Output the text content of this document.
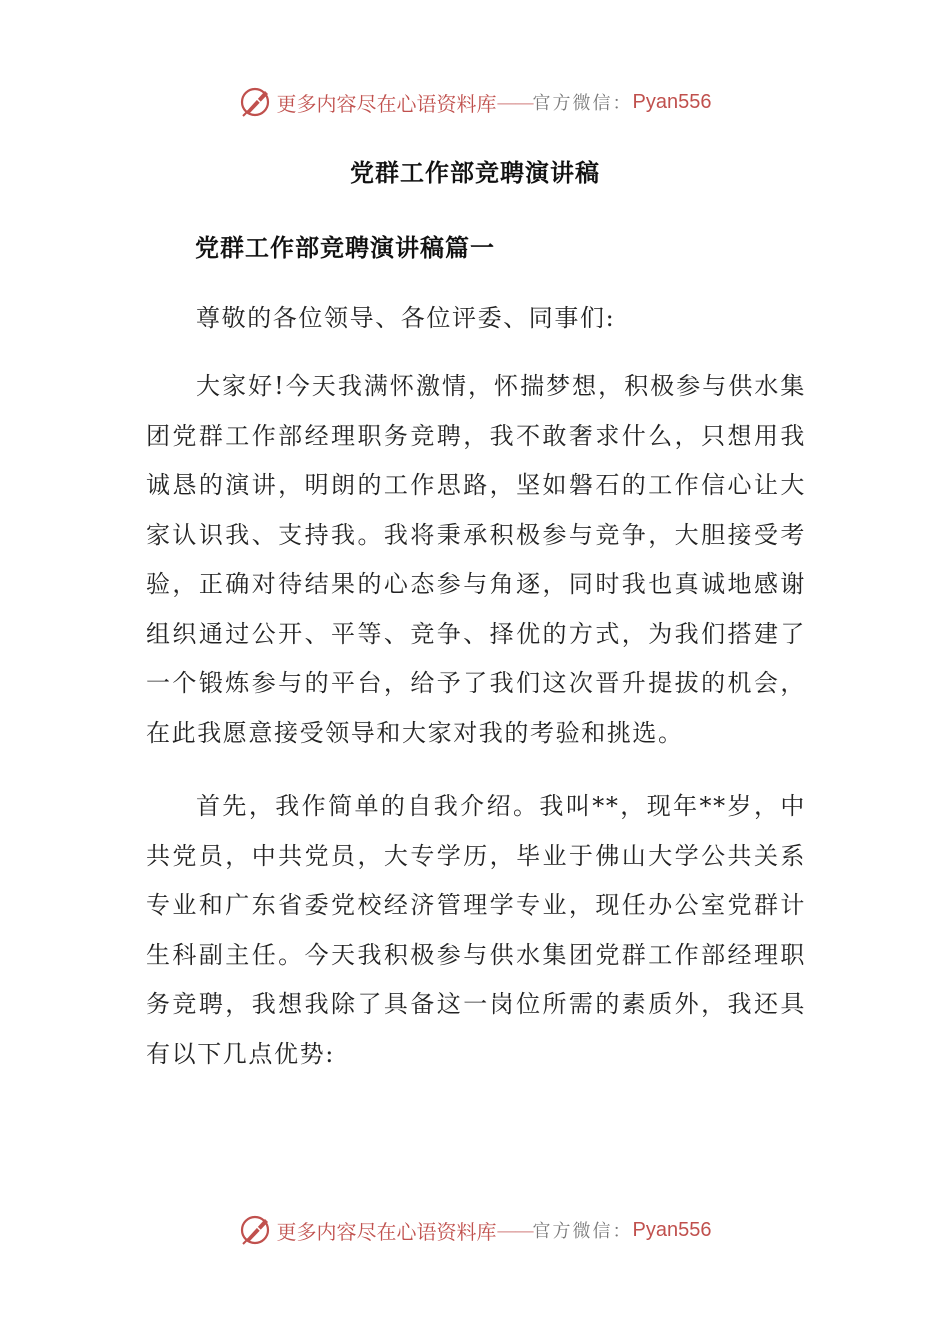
更多内容尽在心语资料库 —— 官方微信： Pyan556
党群工作部竞聘演讲稿
党群工作部竞聘演讲稿篇一

尊敬的各位领导、各位评委、同事们:

大家好!今天我满怀激情，怀揣梦想，积极参与供水集团党群工作部经理职务竞聘，我不敢奢求什么，只想用我诚恳的演讲，明朗的工作思路，坚如磐石的工作信心让大家认识我、支持我。我将秉承积极参与竞争，大胆接受考验，正确对待结果的心态参与角逐，同时我也真诚地感谢组织通过公开、平等、竞争、择优的方式，为我们搭建了一个锻炼参与的平台，给予了我们这次晋升提拔的机会，在此我愿意接受领导和大家对我的考验和挑选。

首先，我作简单的自我介绍。我叫**，现年**岁，中共党员，中共党员，大专学历，毕业于佛山大学公共关系专业和广东省委党校经济管理学专业，现任办公室党群计生科副主任。今天我积极参与供水集团党群工作部经理职务竞聘，我想我除了具备这一岗位所需的素质外，我还具有以下几点优势:

更多内容尽在心语资料库 —— 官方微信： Pyan556
